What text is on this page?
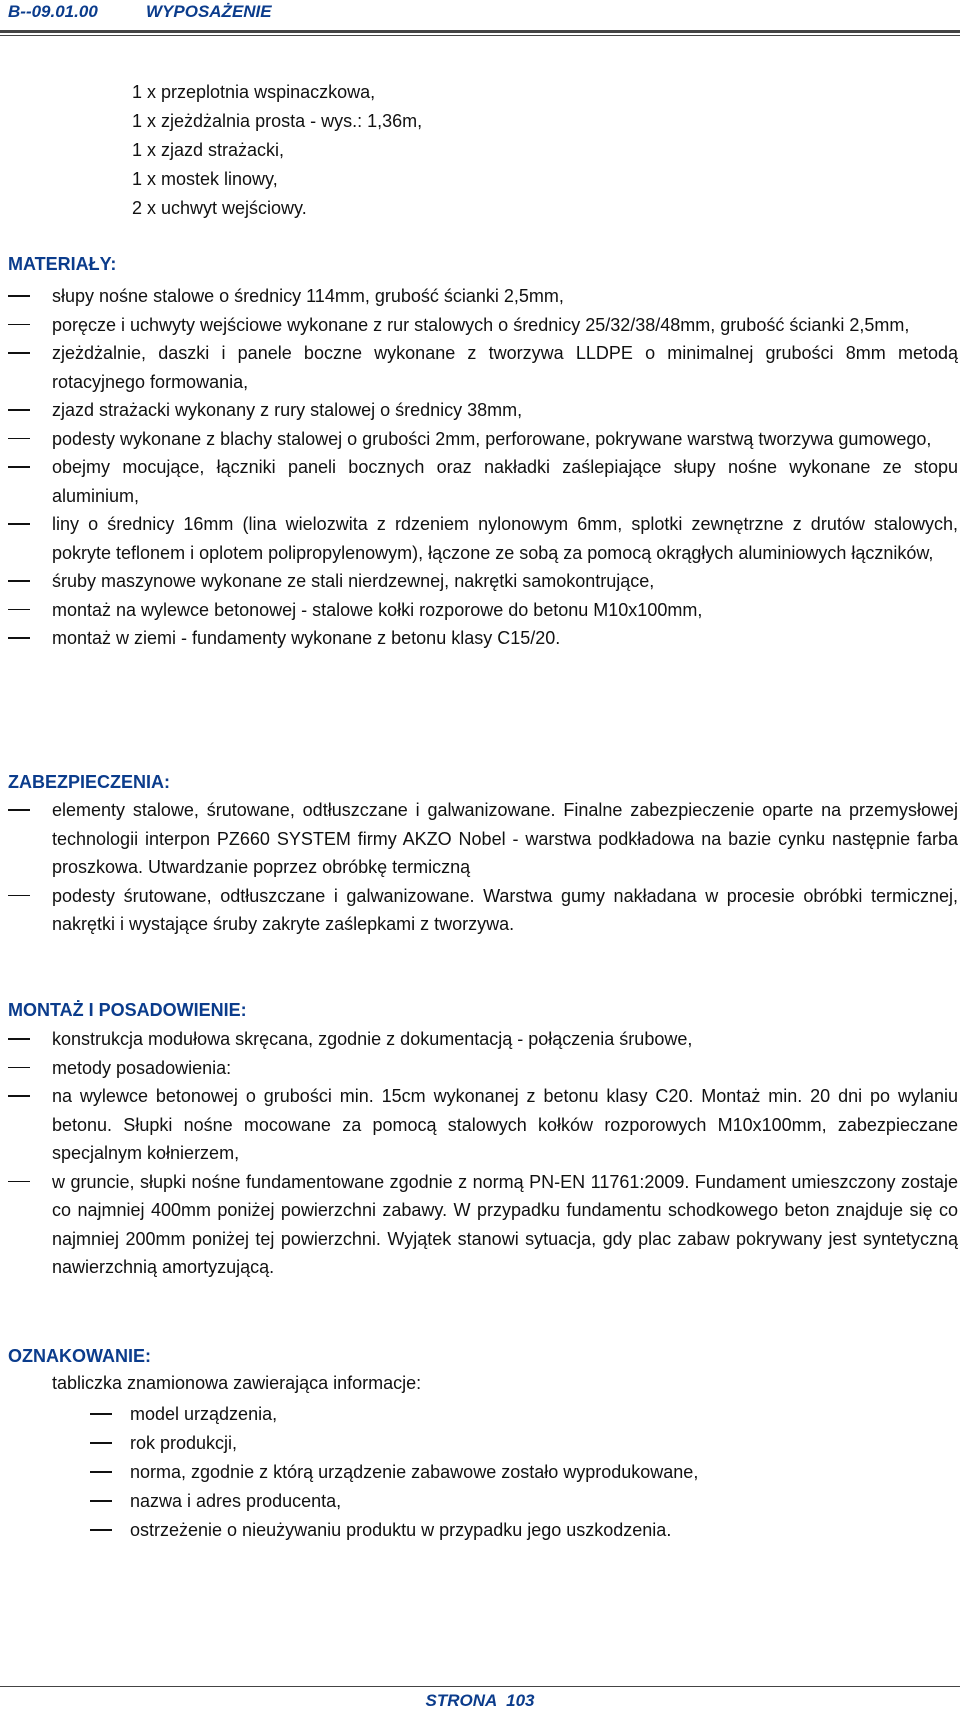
B--09.01.00	WYPOSAŻENIE
1 x przeplotnia wspinaczkowa,
1 x zjeżdżalnia prosta - wys.: 1,36m,
1 x zjazd strażacki,
1 x mostek linowy,
2 x uchwyt wejściowy.
MATERIAŁY:
słupy nośne stalowe o średnicy 114mm, grubość ścianki 2,5mm,
poręcze i uchwyty wejściowe wykonane z rur stalowych o średnicy 25/32/38/48mm, grubość ścianki 2,5mm,
zjeżdżalnie, daszki i panele boczne wykonane z tworzywa LLDPE o minimalnej grubości 8mm metodą rotacyjnego formowania,
zjazd strażacki wykonany z rury stalowej o średnicy 38mm,
podesty wykonane z blachy stalowej o grubości 2mm, perforowane, pokrywane warstwą tworzywa gumowego,
obejmy mocujące, łączniki paneli bocznych oraz nakładki zaślepiające słupy nośne wykonane ze stopu aluminium,
liny o średnicy 16mm (lina wielozwita z rdzeniem nylonowym 6mm, splotki zewnętrzne z drutów stalowych, pokryte teflonem i oplotem polipropylenowym), łączone ze sobą za pomocą okrągłych aluminiowych łączników,
śruby maszynowe wykonane ze stali nierdzewnej, nakrętki samokontrujące,
montaż na wylewce betonowej - stalowe kołki rozporowe do betonu M10x100mm,
montaż w ziemi - fundamenty wykonane z betonu klasy C15/20.
ZABEZPIECZENIA:
elementy stalowe, śrutowane, odtłuszczane i galwanizowane. Finalne zabezpieczenie oparte na przemysłowej technologii interpon PZ660 SYSTEM firmy AKZO Nobel - warstwa podkładowa na bazie cynku następnie farba proszkowa. Utwardzanie poprzez obróbkę termiczną
podesty śrutowane, odtłuszczane i galwanizowane. Warstwa gumy nakładana w procesie obróbki termicznej, nakrętki i wystające śruby zakryte zaślepkami z tworzywa.
MONTAŻ I POSADOWIENIE:
konstrukcja modułowa skręcana, zgodnie z dokumentacją - połączenia śrubowe,
metody posadowienia:
na wylewce betonowej o grubości min. 15cm wykonanej z betonu klasy C20. Montaż min. 20 dni po wylaniu betonu. Słupki nośne mocowane za pomocą stalowych kołków rozporowych M10x100mm, zabezpieczane specjalnym kołnierzem,
w gruncie, słupki nośne fundamentowane zgodnie z normą PN-EN 11761:2009. Fundament umieszczony zostaje co najmniej 400mm poniżej powierzchni zabawy. W przypadku fundamentu schodkowego beton znajduje się co najmniej 200mm poniżej tej powierzchni. Wyjątek stanowi sytuacja, gdy plac zabaw pokrywany jest syntetyczną nawierzchnią amortyzującą.
OZNAKOWANIE:
tabliczka znamionowa zawierająca informacje:
model urządzenia,
rok produkcji,
norma, zgodnie z którą urządzenie zabawowe zostało wyprodukowane,
nazwa i adres producenta,
ostrzeżenie o nieużywaniu produktu w przypadku jego uszkodzenia.
STRONA  103
